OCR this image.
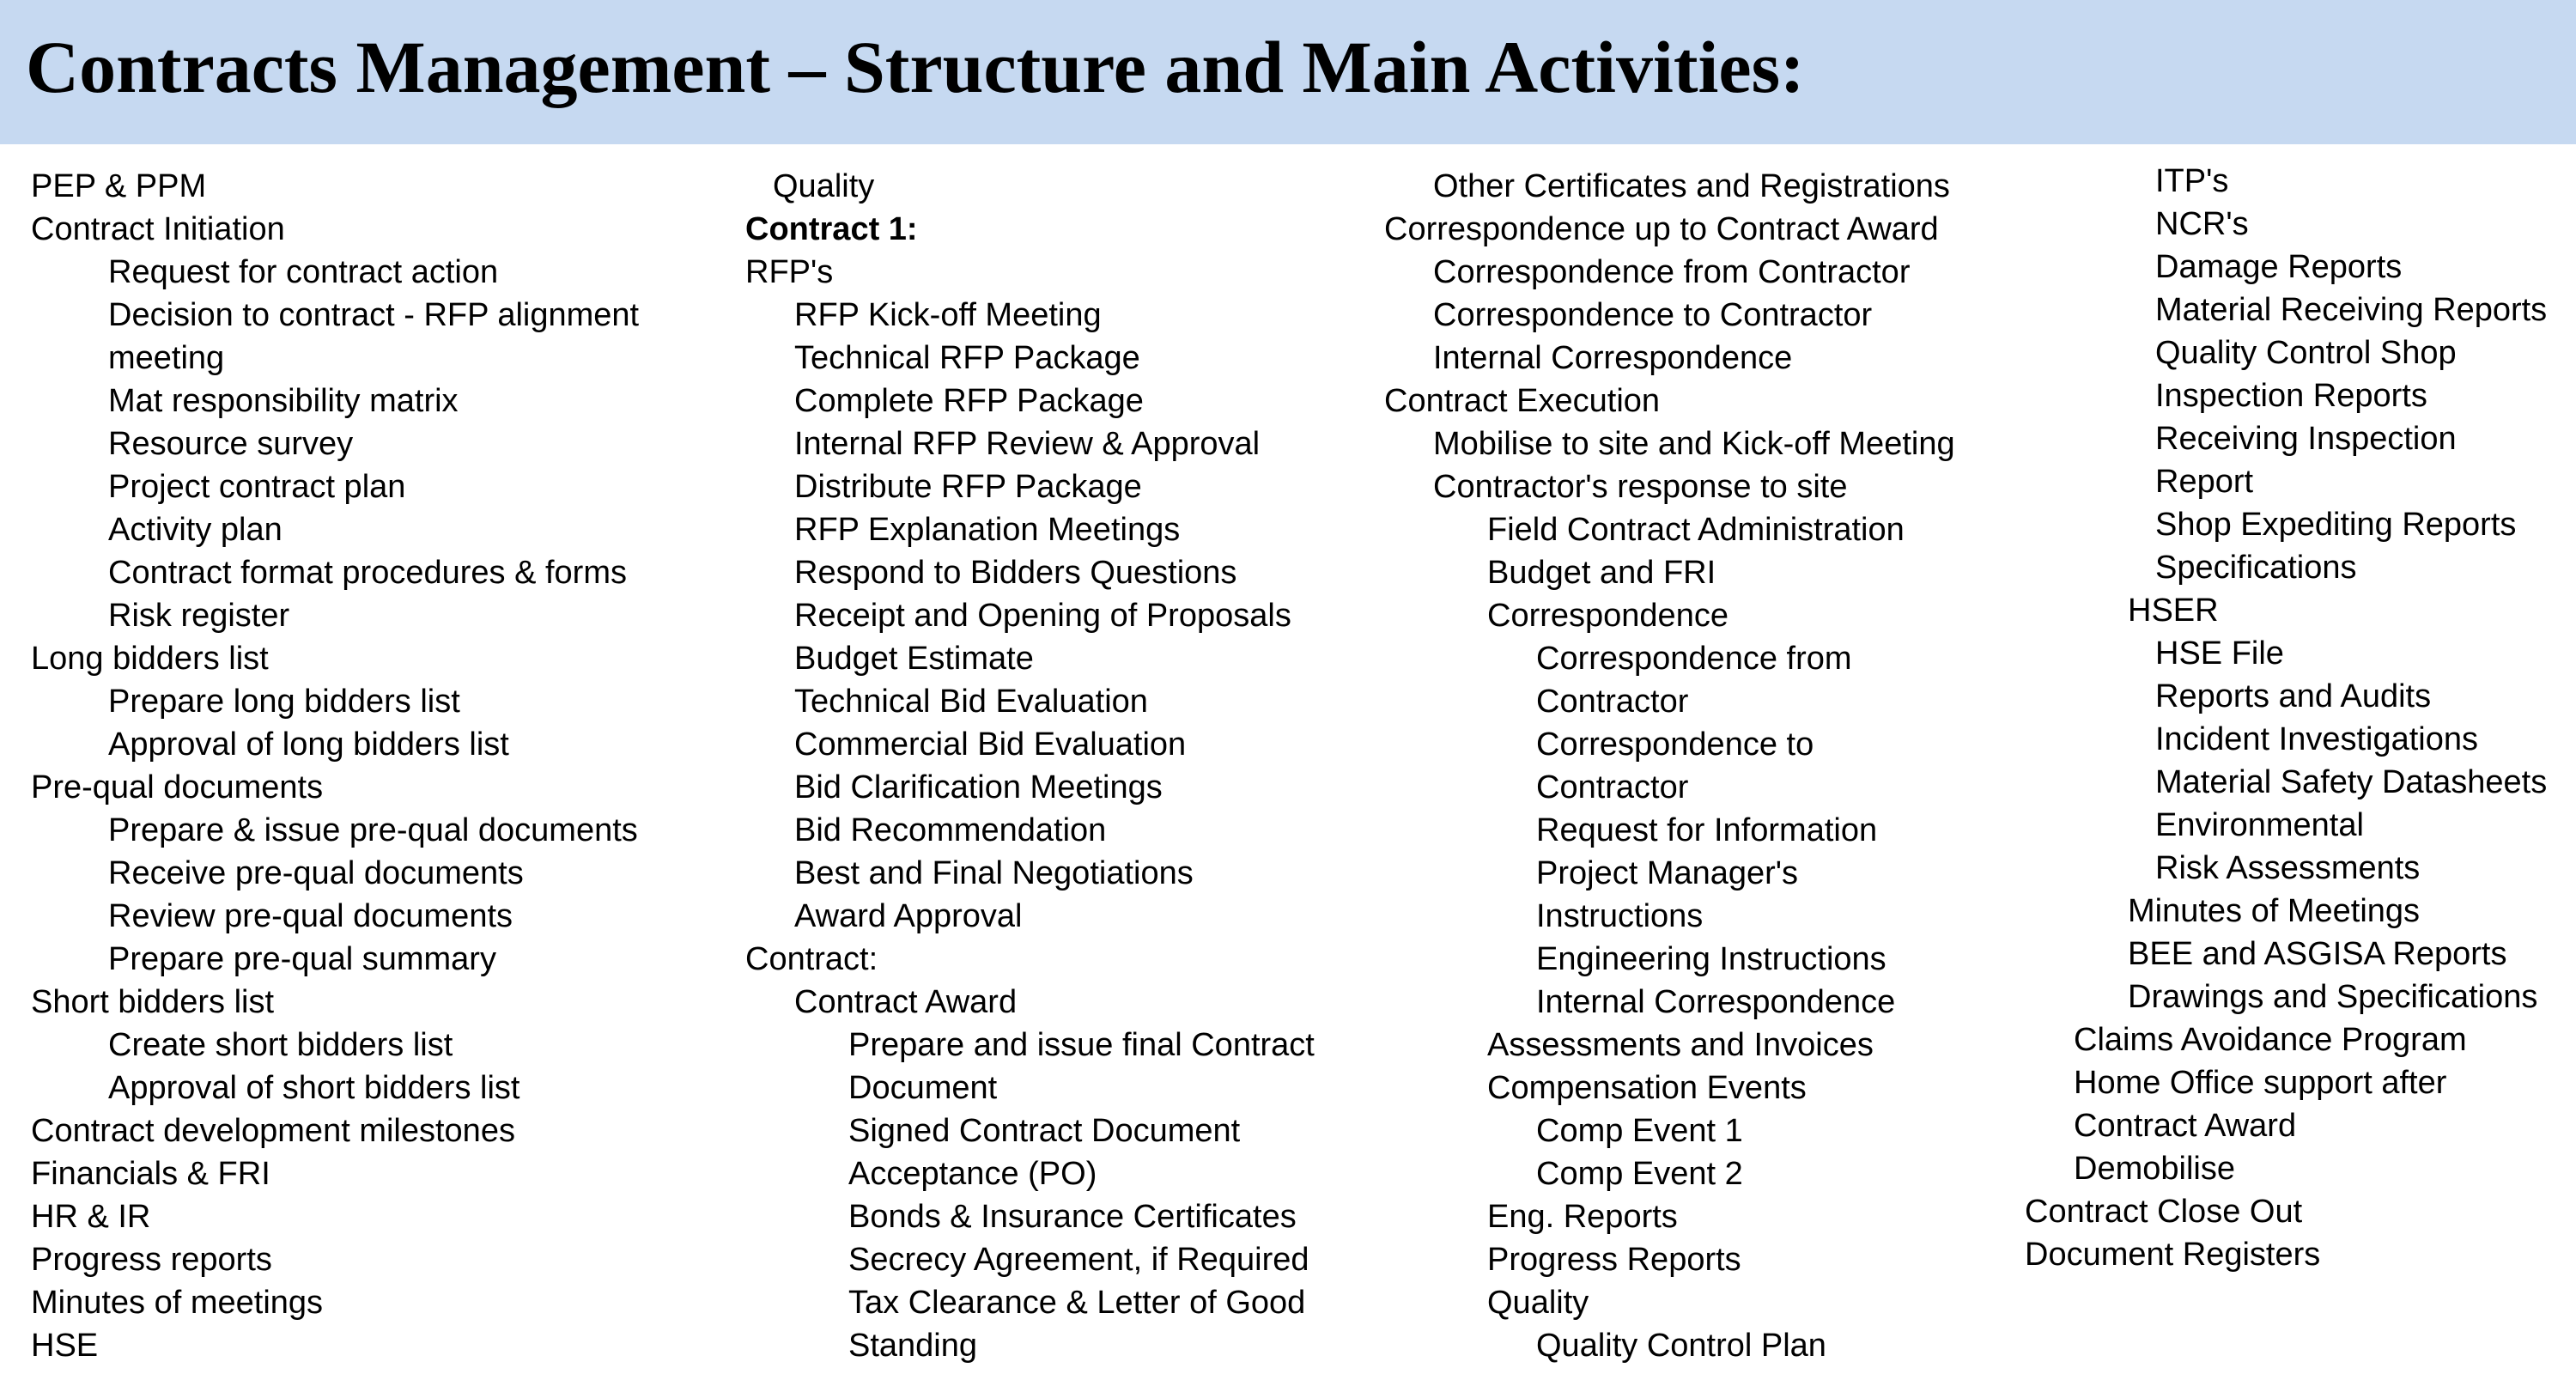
Contracts Management – Structure and Main Activities:
PEP & PPM
Contract Initiation
Request for contract action
Decision to contract - RFP alignment
meeting
Mat responsibility matrix
Resource survey
Project contract plan
Activity plan
Contract format procedures & forms
Risk register
Long bidders list
Prepare long bidders list
Approval of long bidders list
Pre-qual documents
Prepare & issue pre-qual documents
Receive pre-qual documents
Review pre-qual documents
Prepare pre-qual summary
Short bidders list
Create short bidders list
Approval of short bidders list
Contract development milestones
Financials & FRI
HR & IR
Progress reports
Minutes of meetings
HSE
Quality
Contract 1:
RFP's
RFP Kick-off Meeting
Technical RFP Package
Complete RFP Package
Internal RFP Review & Approval
Distribute RFP Package
RFP Explanation Meetings
Respond to Bidders Questions
Receipt and Opening of Proposals
Budget Estimate
Technical Bid Evaluation
Commercial Bid Evaluation
Bid Clarification Meetings
Bid Recommendation
Best and Final Negotiations
Award Approval
Contract:
Contract Award
Prepare and issue final Contract
Document
Signed Contract Document
Acceptance (PO)
Bonds & Insurance Certificates
Secrecy Agreement, if Required
Tax Clearance & Letter of Good
Standing
Other Certificates and Registrations
Correspondence up to Contract Award
Correspondence from Contractor
Correspondence to Contractor
Internal Correspondence
Contract Execution
Mobilise to site and Kick-off Meeting
Contractor's response to site
Field Contract Administration
Budget and FRI
Correspondence
Correspondence from
Contractor
Correspondence to
Contractor
Request for Information
Project Manager's
Instructions
Engineering Instructions
Internal Correspondence
Assessments and Invoices
Compensation Events
Comp Event 1
Comp Event 2
Eng. Reports
Progress Reports
Quality
Quality Control Plan
ITP's
NCR's
Damage Reports
Material Receiving Reports
Quality Control Shop
Inspection Reports
Receiving Inspection
Report
Shop Expediting Reports
Specifications
HSER
HSE File
Reports and Audits
Incident Investigations
Material Safety Datasheets
Environmental
Risk Assessments
Minutes of Meetings
BEE and ASGISA Reports
Drawings and Specifications
Claims Avoidance Program
Home Office support after
Contract Award
Demobilise
Contract Close Out
Document Registers
